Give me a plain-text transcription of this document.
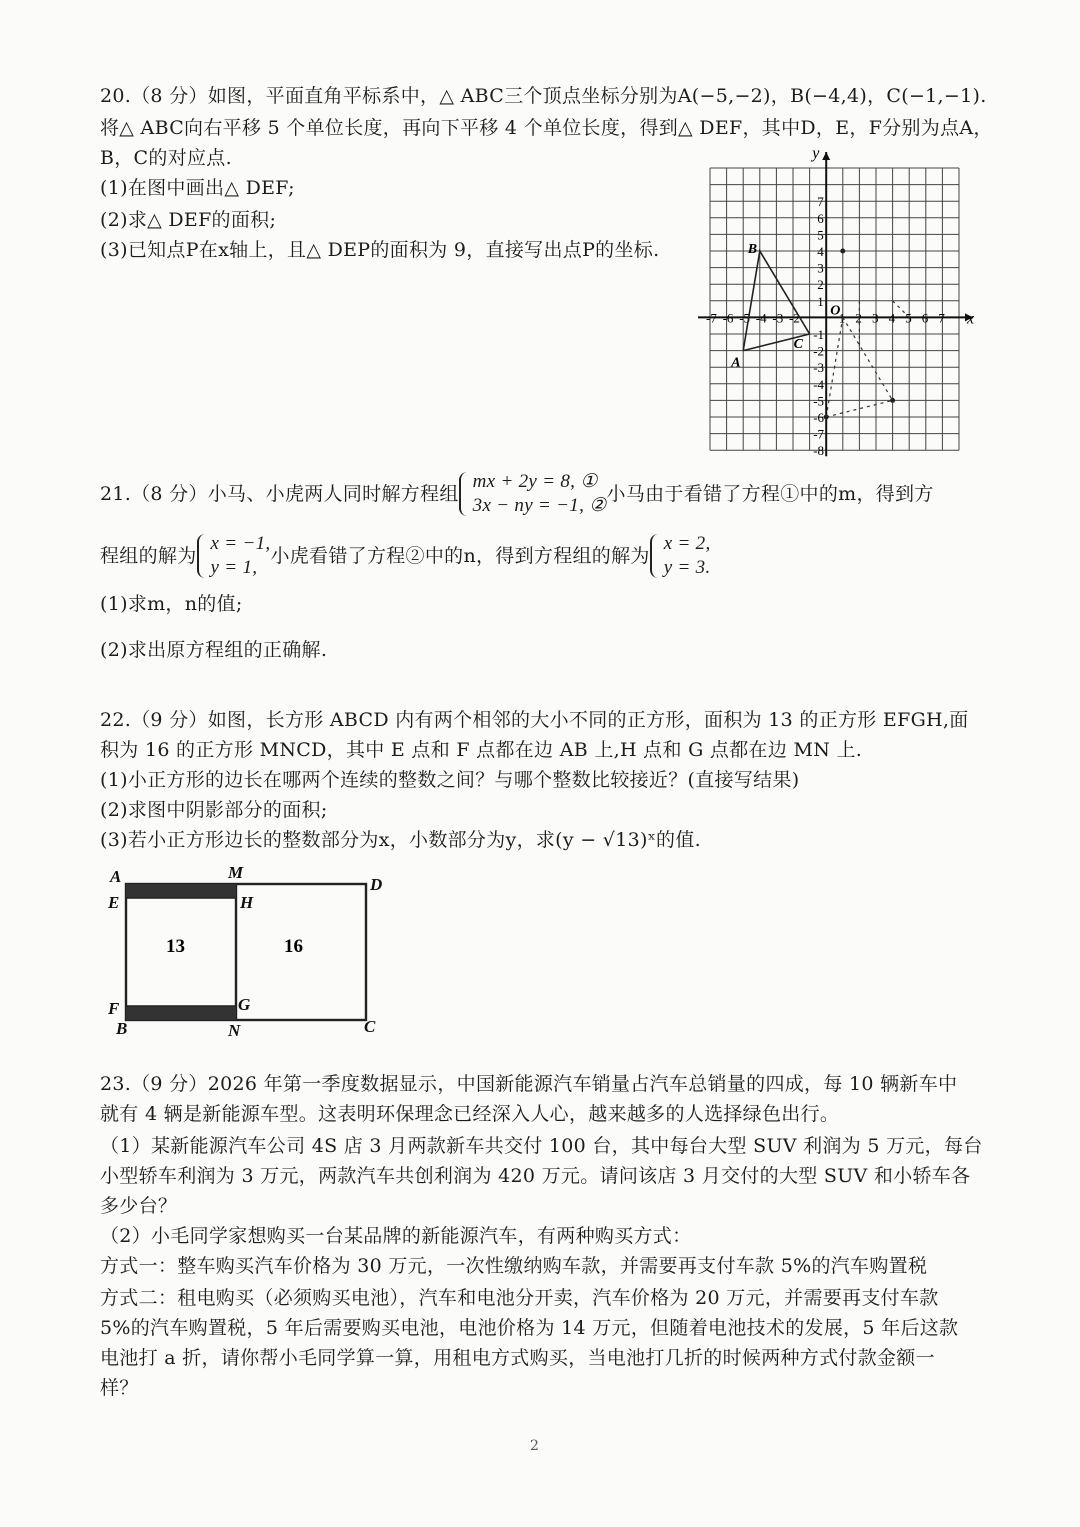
20.（8 分）如图，平面直角平标系中，△ ABC三个顶点坐标分别为A(−5,−2)，B(−4,4)，C(−1,−1).
将△ ABC向右平移 5 个单位长度，再向下平移 4 个单位长度，得到△ DEF，其中D，E，F分别为点A，
B，C的对应点.
(1)在图中画出△ DEF;
(2)求△ DEF的面积;
(3)已知点P在x轴上，且△ DEP的面积为 9，直接写出点P的坐标.
-7 -6 -5 -4 -3 -2	1 2 3 4 5 6 7
7
6
5
4
3
2
1
-1
-2
-3
-4
-5
-6
-7
-8
A
B
C
O	x
y
21.（8 分）小马、小虎两人同时解方程组
mx + 2y = 8, ①
3x − ny = −1, ②
小马由于看错了方程①中的m，得到方
程组的解为
x = −1,
y = 1,
小虎看错了方程②中的n，得到方程组的解为
x = 2,
y = 3.
(1)求m，n的值;
(2)求出原方程组的正确解.
22.（9 分）如图，长方形 ABCD 内有两个相邻的大小不同的正方形，面积为 13 的正方形 EFGH,面
积为 16 的正方形 MNCD，其中 E 点和 F 点都在边 AB 上,H 点和 G 点都在边 MN 上.
(1)小正方形的边长在哪两个连续的整数之间？与哪个整数比较接近？(直接写结果)
(2)求图中阴影部分的面积;
(3)若小正方形边长的整数部分为x，小数部分为y，求(y − √13)ˣ的值.
A	M
D
E	H
F	G
B	N	C
13	16
23.（9 分）2026 年第一季度数据显示，中国新能源汽车销量占汽车总销量的四成，每 10 辆新车中
就有 4 辆是新能源车型。这表明环保理念已经深入人心，越来越多的人选择绿色出行。
（1）某新能源汽车公司 4S 店 3 月两款新车共交付 100 台，其中每台大型 SUV 利润为 5 万元，每台
小型轿车利润为 3 万元，两款汽车共创利润为 420 万元。请问该店 3 月交付的大型 SUV 和小轿车各
多少台？
（2）小毛同学家想购买一台某品牌的新能源汽车，有两种购买方式：
方式一：整车购买汽车价格为 30 万元，一次性缴纳购车款，并需要再支付车款 5%的汽车购置税
方式二：租电购买（必须购买电池），汽车和电池分开卖，汽车价格为 20 万元，并需要再支付车款
5%的汽车购置税，5 年后需要购买电池，电池价格为 14 万元，但随着电池技术的发展，5 年后这款
电池打 a 折，请你帮小毛同学算一算，用租电方式购买，当电池打几折的时候两种方式付款金额一
样？
2
